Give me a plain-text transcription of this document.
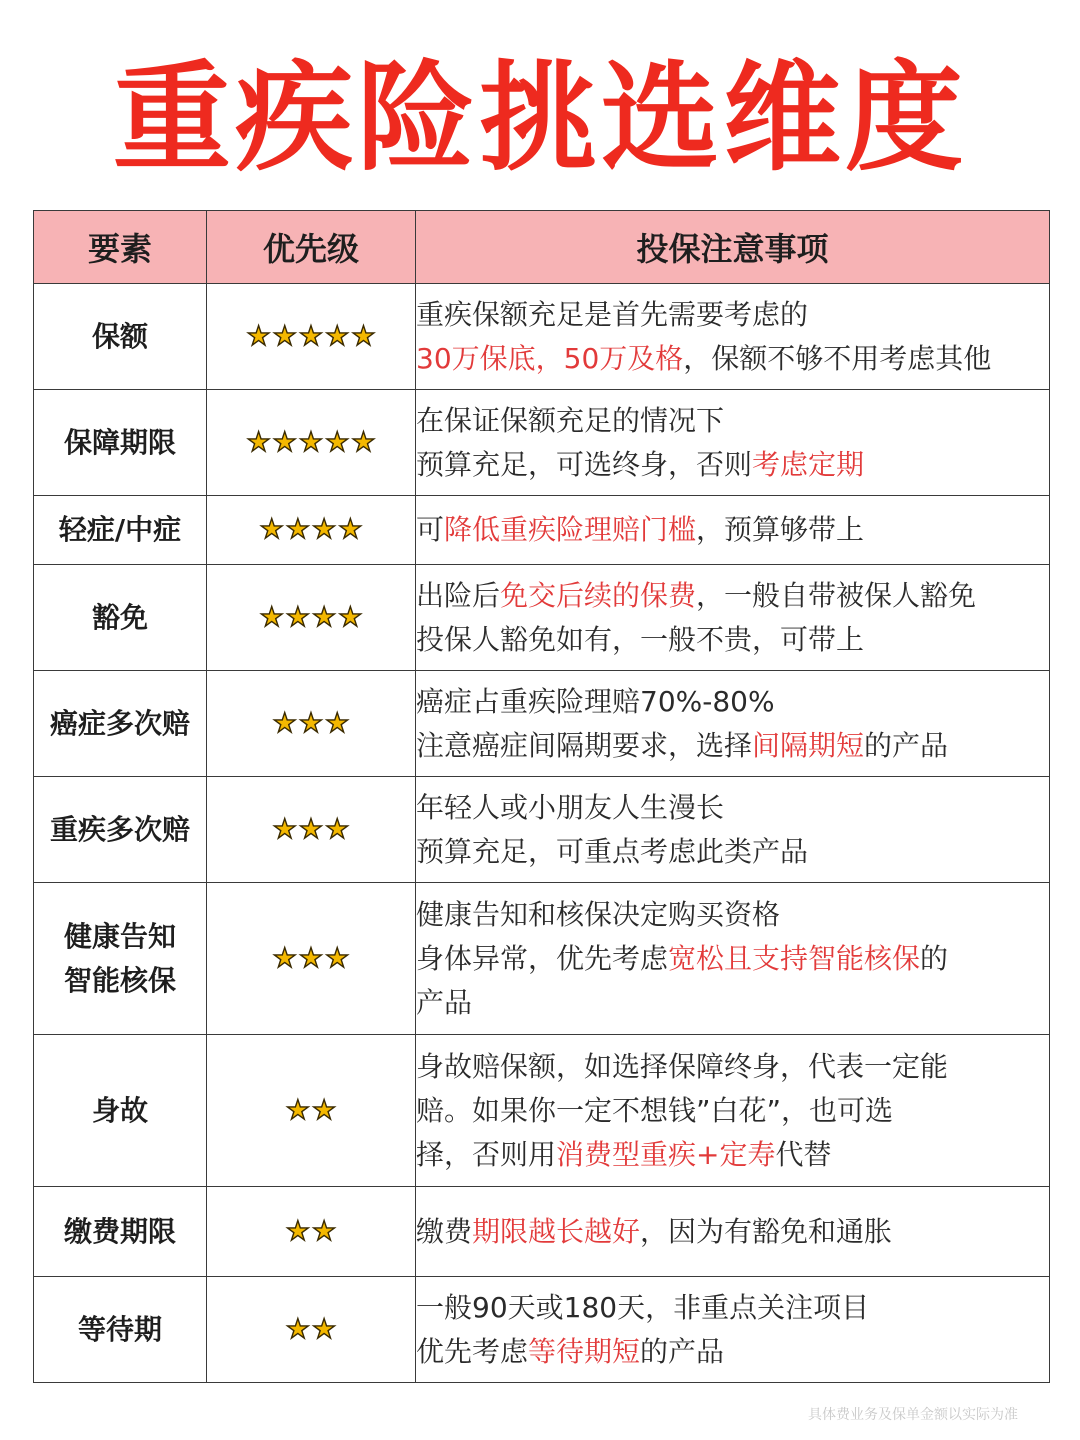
重疾险挑选维度
要素	优先级	投保注意事项

保额	★★★★★	重疾保额充足是首先需要考虑的
30万保底，50万及格，保额不够不用考虑其他

保障期限	★★★★★	在保证保额充足的情况下
预算充足，可选终身，否则考虑定期

轻症/中症	★★★★	可降低重疾险理赔门槛，预算够带上

豁免	★★★★	出险后免交后续的保费，一般自带被保人豁免
投保人豁免如有，一般不贵，可带上

癌症多次赔	★★★	癌症占重疾险理赔70%-80%
注意癌症间隔期要求，选择间隔期短的产品

重疾多次赔	★★★	年轻人或小朋友人生漫长
预算充足，可重点考虑此类产品

健康告知
智能核保	★★★	健康告知和核保决定购买资格
身体异常，优先考虑宽松且支持智能核保的
产品

身故	★★	身故赔保额，如选择保障终身，代表一定能
赔。如果你一定不想钱”白花”，也可选
择，否则用消费型重疾+定寿代替

缴费期限	★★	缴费期限越长越好，因为有豁免和通胀

等待期	★★	一般90天或180天，非重点关注项目
优先考虑等待期短的产品
具体费业务及保单金额以实际为准
